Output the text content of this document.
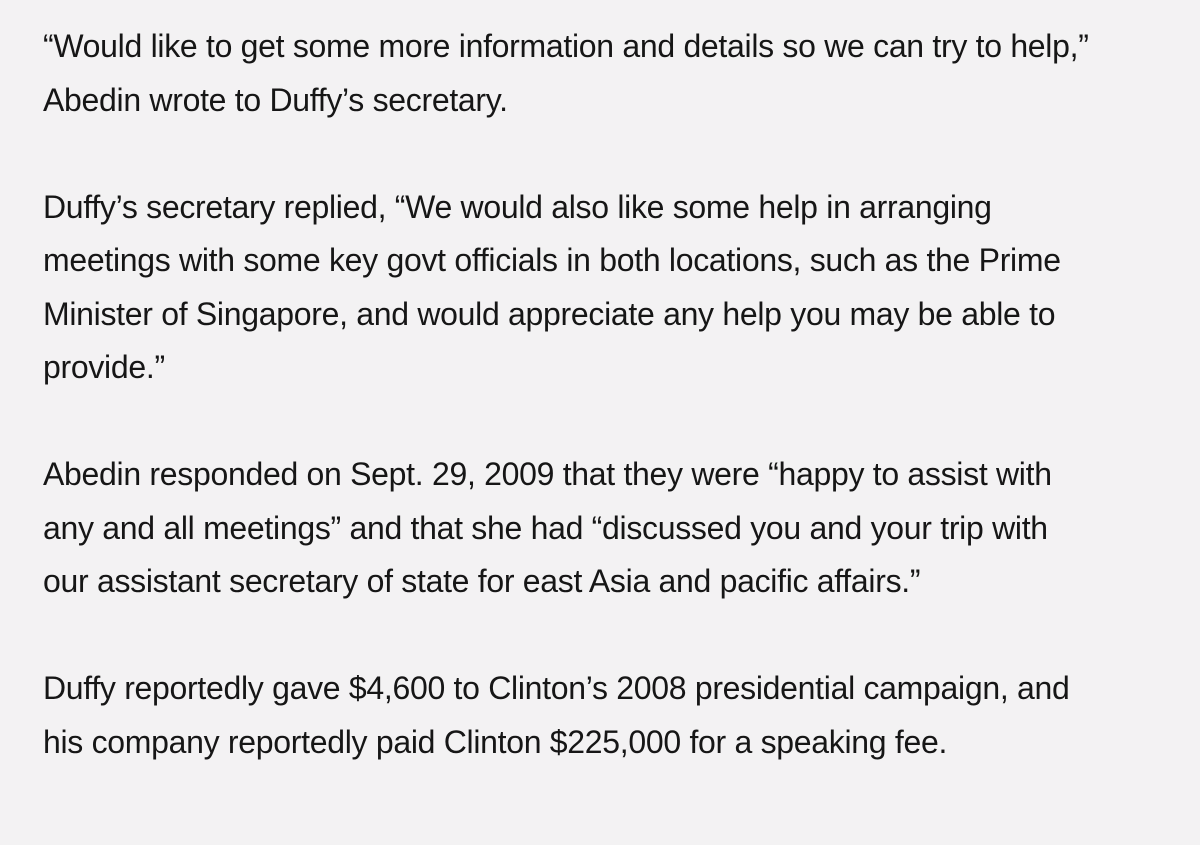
“Would like to get some more information and details so we can try to help,”
Abedin wrote to Duffy’s secretary.

Duffy’s secretary replied, “We would also like some help in arranging
meetings with some key govt officials in both locations, such as the Prime
Minister of Singapore, and would appreciate any help you may be able to
provide.”

Abedin responded on Sept. 29, 2009 that they were “happy to assist with
any and all meetings” and that she had “discussed you and your trip with
our assistant secretary of state for east Asia and pacific affairs.”

Duffy reportedly gave $4,600 to Clinton’s 2008 presidential campaign, and
his company reportedly paid Clinton $225,000 for a speaking fee.
